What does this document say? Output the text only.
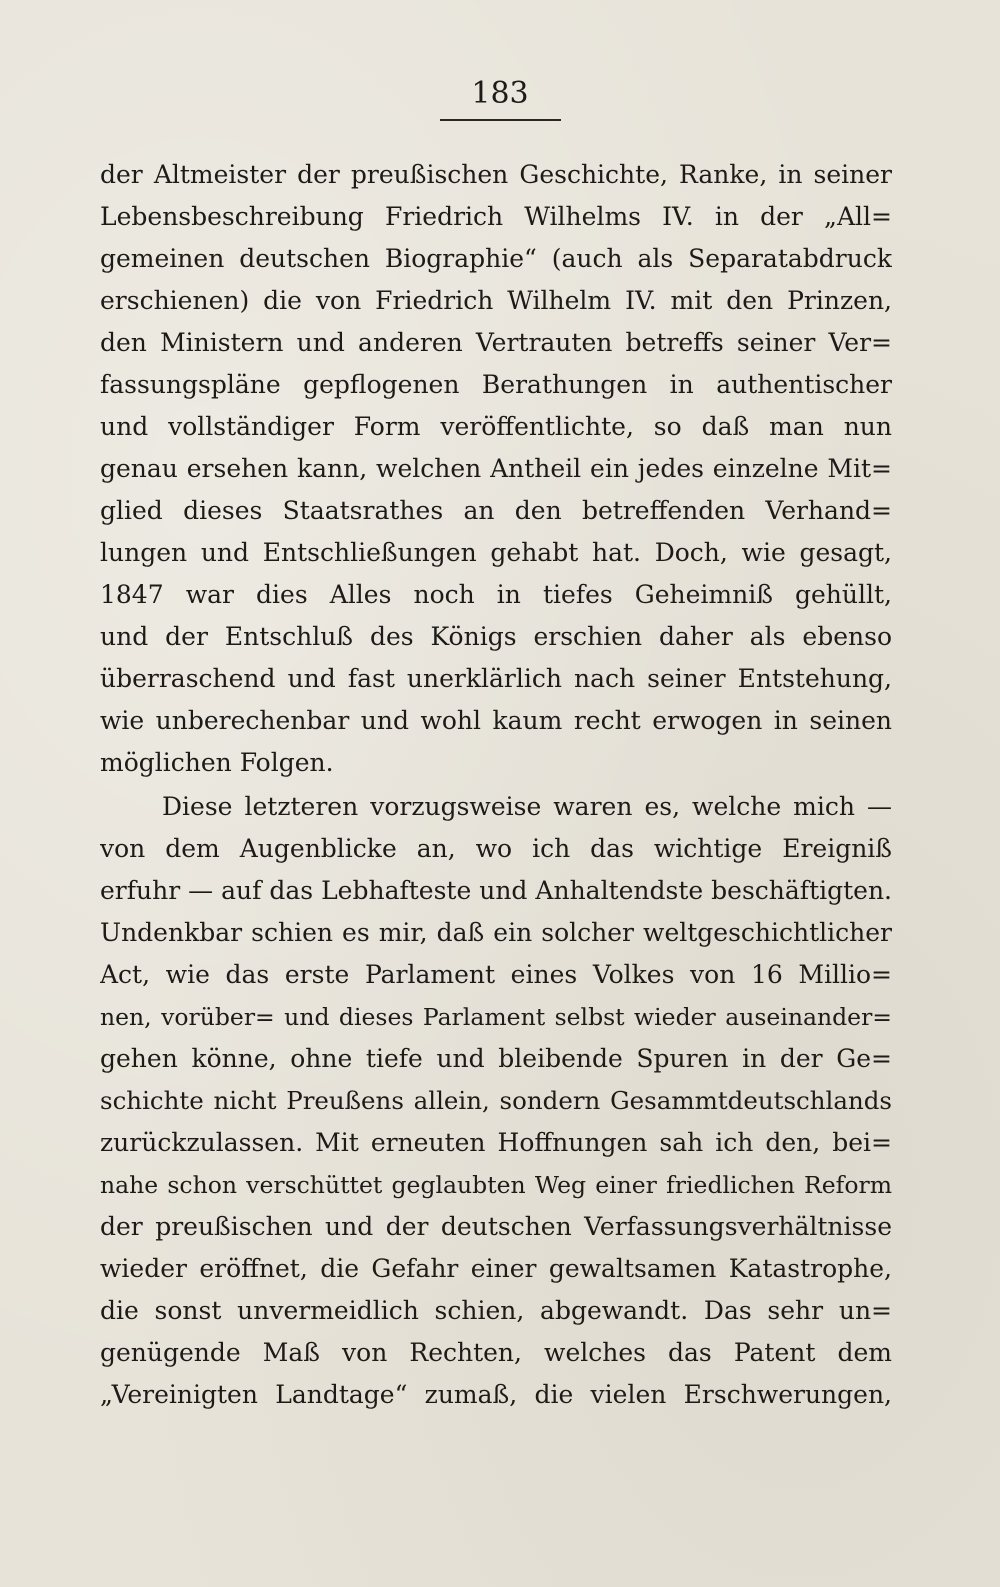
183
der Altmeister der preußischen Geschichte, Ranke, in seiner
Lebensbeschreibung Friedrich Wilhelms IV. in der „All=
gemeinen deutschen Biographie“ (auch als Separatabdruck
erschienen) die von Friedrich Wilhelm IV. mit den Prinzen,
den Ministern und anderen Vertrauten betreffs seiner Ver=
fassungspläne gepflogenen Berathungen in authentischer
und vollständiger Form veröffentlichte, so daß man nun
genau ersehen kann, welchen Antheil ein jedes einzelne Mit=
glied dieses Staatsrathes an den betreffenden Verhand=
lungen und Entschließungen gehabt hat. Doch, wie gesagt,
1847 war dies Alles noch in tiefes Geheimniß gehüllt,
und der Entschluß des Königs erschien daher als ebenso
überraschend und fast unerklärlich nach seiner Entstehung,
wie unberechenbar und wohl kaum recht erwogen in seinen
möglichen Folgen.
Diese letzteren vorzugsweise waren es, welche mich —
von dem Augenblicke an, wo ich das wichtige Ereigniß
erfuhr — auf das Lebhafteste und Anhaltendste beschäftigten.
Undenkbar schien es mir, daß ein solcher weltgeschichtlicher
Act, wie das erste Parlament eines Volkes von 16 Millio=
nen, vorüber= und dieses Parlament selbst wieder auseinander=
gehen könne, ohne tiefe und bleibende Spuren in der Ge=
schichte nicht Preußens allein, sondern Gesammtdeutschlands
zurückzulassen. Mit erneuten Hoffnungen sah ich den, bei=
nahe schon verschüttet geglaubten Weg einer friedlichen Reform
der preußischen und der deutschen Verfassungsverhältnisse
wieder eröffnet, die Gefahr einer gewaltsamen Katastrophe,
die sonst unvermeidlich schien, abgewandt. Das sehr un=
genügende Maß von Rechten, welches das Patent dem
„Vereinigten Landtage“ zumaß, die vielen Erschwerungen,
